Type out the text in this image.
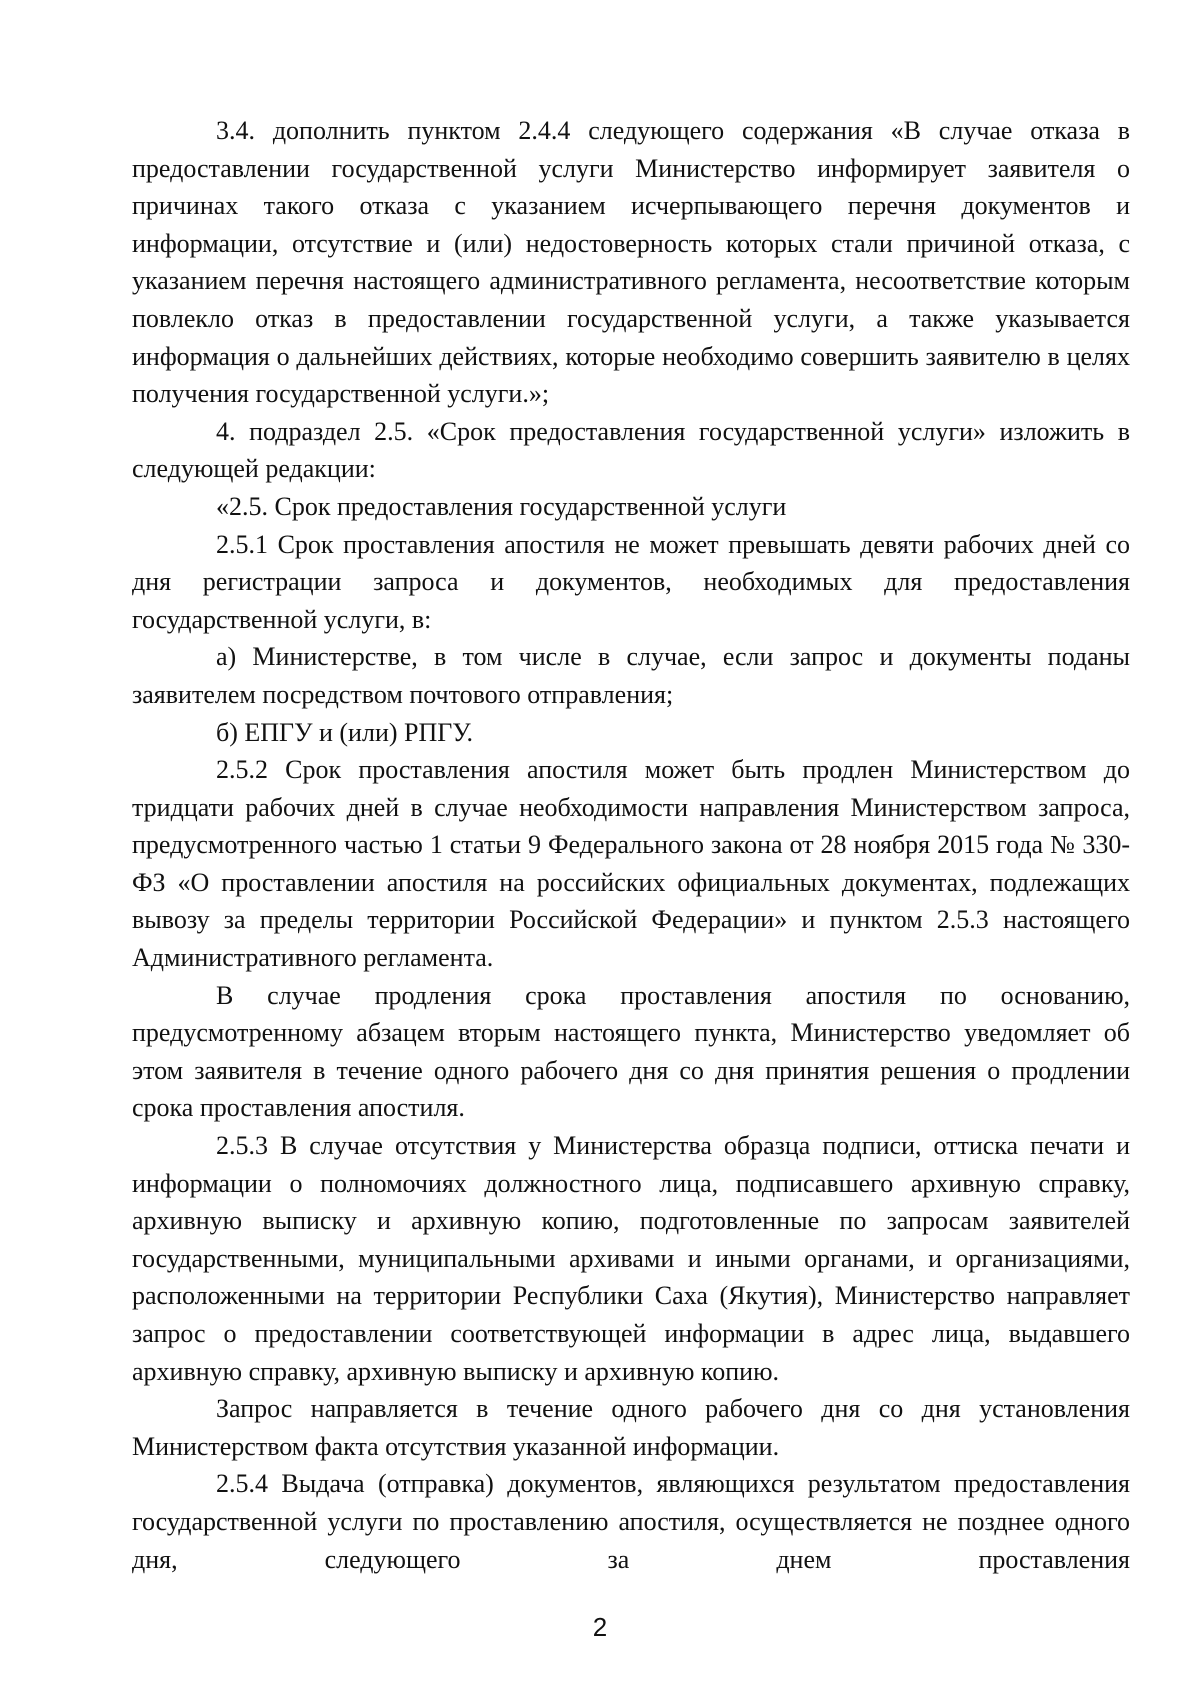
3.4. дополнить пунктом 2.4.4 следующего содержания «В случае отказа в предоставлении государственной услуги Министерство информирует заявителя о причинах такого отказа с указанием исчерпывающего перечня документов и информации, отсутствие и (или) недостоверность которых стали причиной отказа, с указанием перечня настоящего административного регламента, несоответствие которым повлекло отказ в предоставлении государственной услуги, а также указывается информация о дальнейших действиях, которые необходимо совершить заявителю в целях получения государственной услуги.»;

4. подраздел 2.5. «Срок предоставления государственной услуги» изложить в следующей редакции:

«2.5. Срок предоставления государственной услуги

2.5.1 Срок проставления апостиля не может превышать девяти рабочих дней со дня регистрации запроса и документов, необходимых для предоставления государственной услуги, в:

а) Министерстве, в том числе в случае, если запрос и документы поданы заявителем посредством почтового отправления;

б) ЕПГУ и (или) РПГУ.

2.5.2 Срок проставления апостиля может быть продлен Министерством до тридцати рабочих дней в случае необходимости направления Министерством запроса, предусмотренного частью 1 статьи 9 Федерального закона от 28 ноября 2015 года № 330-ФЗ «О проставлении апостиля на российских официальных документах, подлежащих вывозу за пределы территории Российской Федерации» и пунктом 2.5.3 настоящего Административного регламента.

В случае продления срока проставления апостиля по основанию, предусмотренному абзацем вторым настоящего пункта, Министерство уведомляет об этом заявителя в течение одного рабочего дня со дня принятия решения о продлении срока проставления апостиля.

2.5.3 В случае отсутствия у Министерства образца подписи, оттиска печати и информации о полномочиях должностного лица, подписавшего архивную справку, архивную выписку и архивную копию, подготовленные по запросам заявителей государственными, муниципальными архивами и иными органами, и организациями, расположенными на территории Республики Саха (Якутия), Министерство направляет запрос о предоставлении соответствующей информации в адрес лица, выдавшего архивную справку, архивную выписку и архивную копию.

Запрос направляется в течение одного рабочего дня со дня установления Министерством факта отсутствия указанной информации.

2.5.4 Выдача (отправка) документов, являющихся результатом предоставления государственной услуги по проставлению апостиля, осуществляется не позднее одного дня, следующего за днем проставления

2
